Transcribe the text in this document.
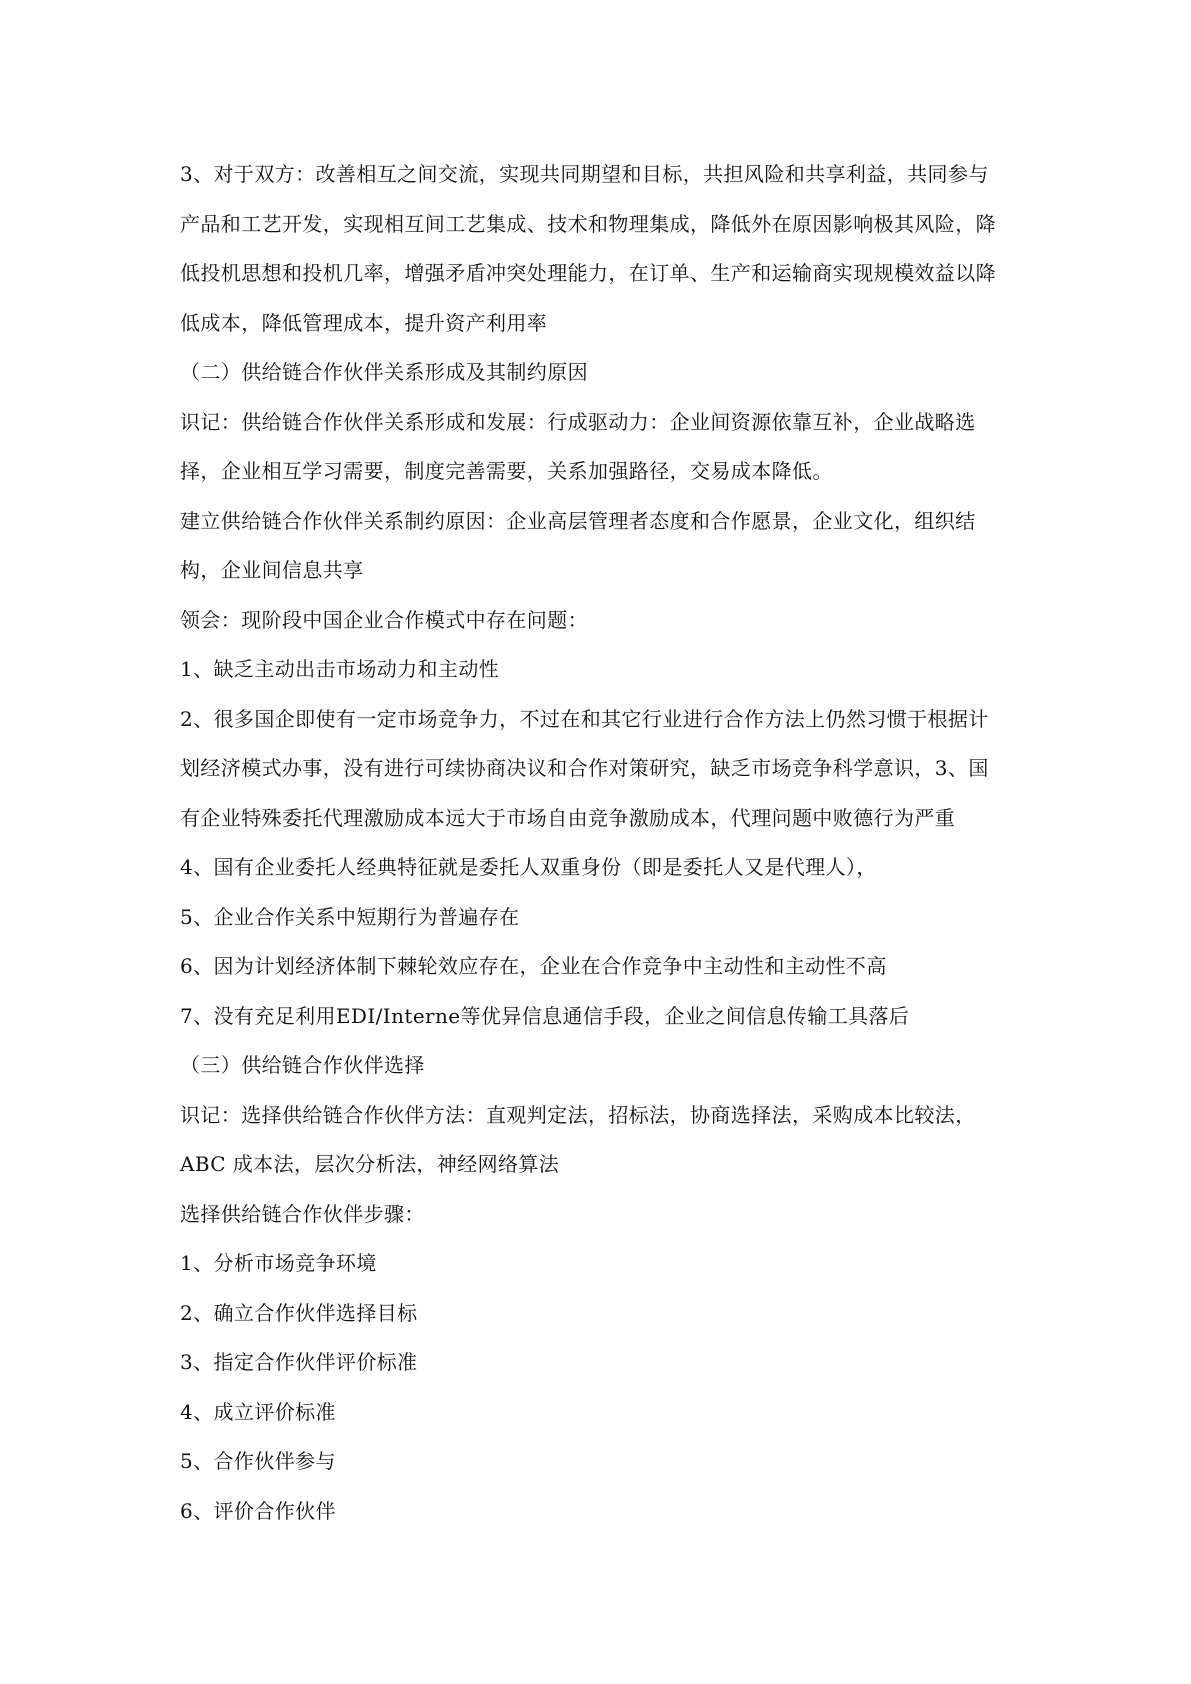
3、对于双方：改善相互之间交流，实现共同期望和目标，共担风险和共享利益，共同参与
产品和工艺开发，实现相互间工艺集成、技术和物理集成，降低外在原因影响极其风险，降
低投机思想和投机几率，增强矛盾冲突处理能力，在订单、生产和运输商实现规模效益以降
低成本，降低管理成本，提升资产利用率
（二）供给链合作伙伴关系形成及其制约原因
识记：供给链合作伙伴关系形成和发展：行成驱动力：企业间资源依靠互补，企业战略选
择，企业相互学习需要，制度完善需要，关系加强路径，交易成本降低。
建立供给链合作伙伴关系制约原因：企业高层管理者态度和合作愿景，企业文化，组织结
构，企业间信息共享
领会：现阶段中国企业合作模式中存在问题：
1、缺乏主动出击市场动力和主动性
2、很多国企即使有一定市场竞争力，不过在和其它行业进行合作方法上仍然习惯于根据计
划经济模式办事，没有进行可续协商决议和合作对策研究，缺乏市场竞争科学意识，3、国
有企业特殊委托代理激励成本远大于市场自由竞争激励成本，代理问题中败德行为严重
4、国有企业委托人经典特征就是委托人双重身份（即是委托人又是代理人），
5、企业合作关系中短期行为普遍存在
6、因为计划经济体制下棘轮效应存在，企业在合作竞争中主动性和主动性不高
7、没有充足利用EDI/Interne等优异信息通信手段，企业之间信息传输工具落后
（三）供给链合作伙伴选择
识记：选择供给链合作伙伴方法：直观判定法，招标法，协商选择法，采购成本比较法，
ABC 成本法，层次分析法，神经网络算法
选择供给链合作伙伴步骤：
1、分析市场竞争环境
2、确立合作伙伴选择目标
3、指定合作伙伴评价标准
4、成立评价标准
5、合作伙伴参与
6、评价合作伙伴
